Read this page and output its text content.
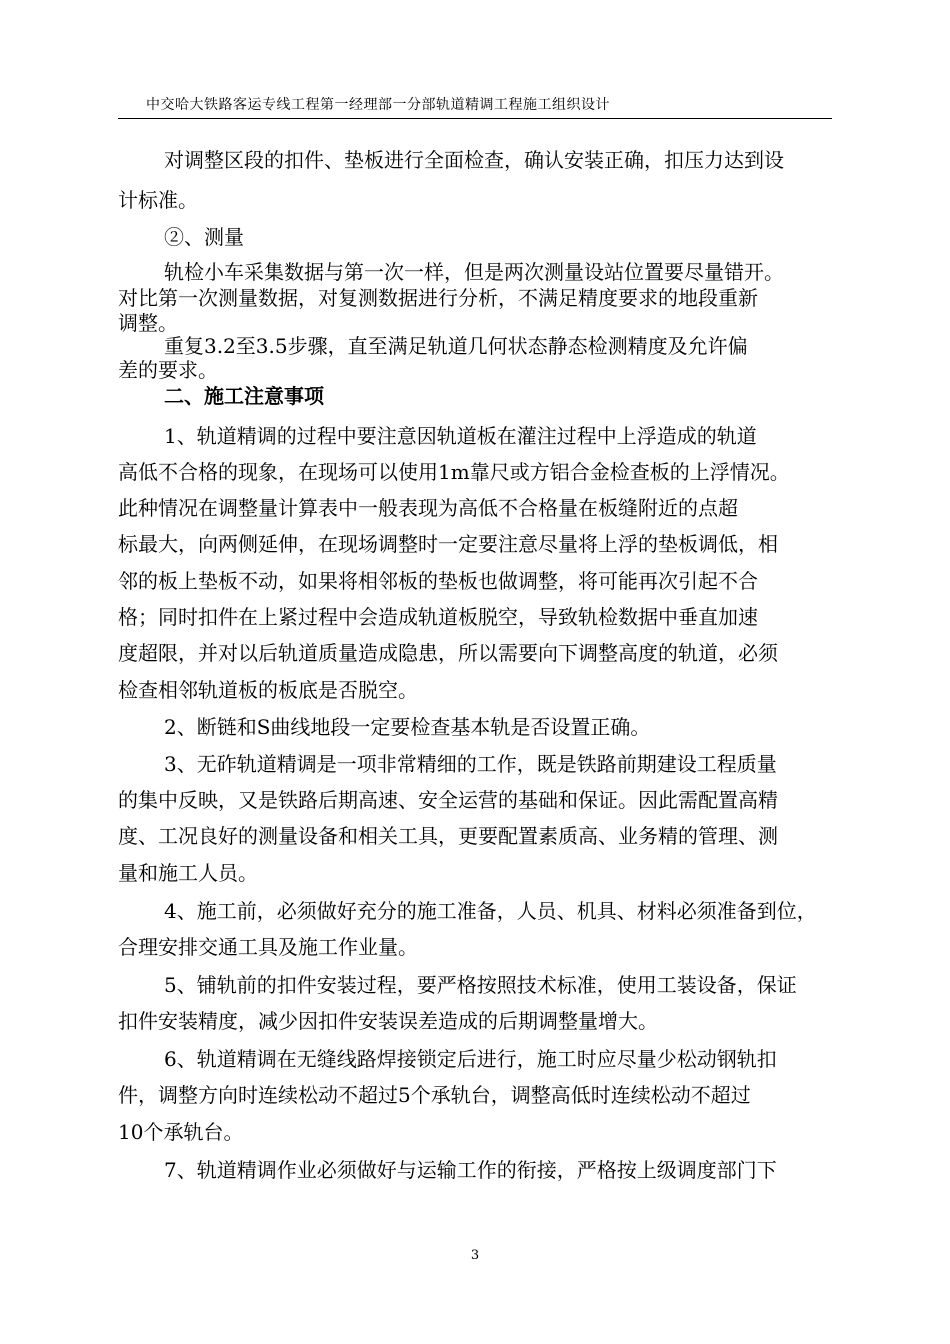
中交哈大铁路客运专线工程第一经理部一分部轨道精调工程施工组织设计
对调整区段的扣件、垫板进行全面检查，确认安装正确，扣压力达到设
计标准。
②、测量
轨检小车采集数据与第一次一样，但是两次测量设站位置要尽量错开。
对比第一次测量数据，对复测数据进行分析，不满足精度要求的地段重新
调整。
重复3.2至3.5步骤，直至满足轨道几何状态静态检测精度及允许偏
差的要求。
二、施工注意事项
1、轨道精调的过程中要注意因轨道板在灌注过程中上浮造成的轨道
高低不合格的现象，在现场可以使用1m靠尺或方铝合金检查板的上浮情况。
此种情况在调整量计算表中一般表现为高低不合格量在板缝附近的点超
标最大，向两侧延伸，在现场调整时一定要注意尽量将上浮的垫板调低，相
邻的板上垫板不动，如果将相邻板的垫板也做调整，将可能再次引起不合
格；同时扣件在上紧过程中会造成轨道板脱空，导致轨检数据中垂直加速
度超限，并对以后轨道质量造成隐患，所以需要向下调整高度的轨道，必须
检查相邻轨道板的板底是否脱空。
2、断链和S曲线地段一定要检查基本轨是否设置正确。
3、无砟轨道精调是一项非常精细的工作，既是铁路前期建设工程质量
的集中反映，又是铁路后期高速、安全运营的基础和保证。因此需配置高精
度、工况良好的测量设备和相关工具，更要配置素质高、业务精的管理、测
量和施工人员。
4、施工前，必须做好充分的施工准备，人员、机具、材料必须准备到位，
合理安排交通工具及施工作业量。
5、铺轨前的扣件安装过程，要严格按照技术标准，使用工装设备，保证
扣件安装精度，减少因扣件安装误差造成的后期调整量增大。
6、轨道精调在无缝线路焊接锁定后进行，施工时应尽量少松动钢轨扣
件，调整方向时连续松动不超过5个承轨台，调整高低时连续松动不超过
10个承轨台。
7、轨道精调作业必须做好与运输工作的衔接，严格按上级调度部门下
3
